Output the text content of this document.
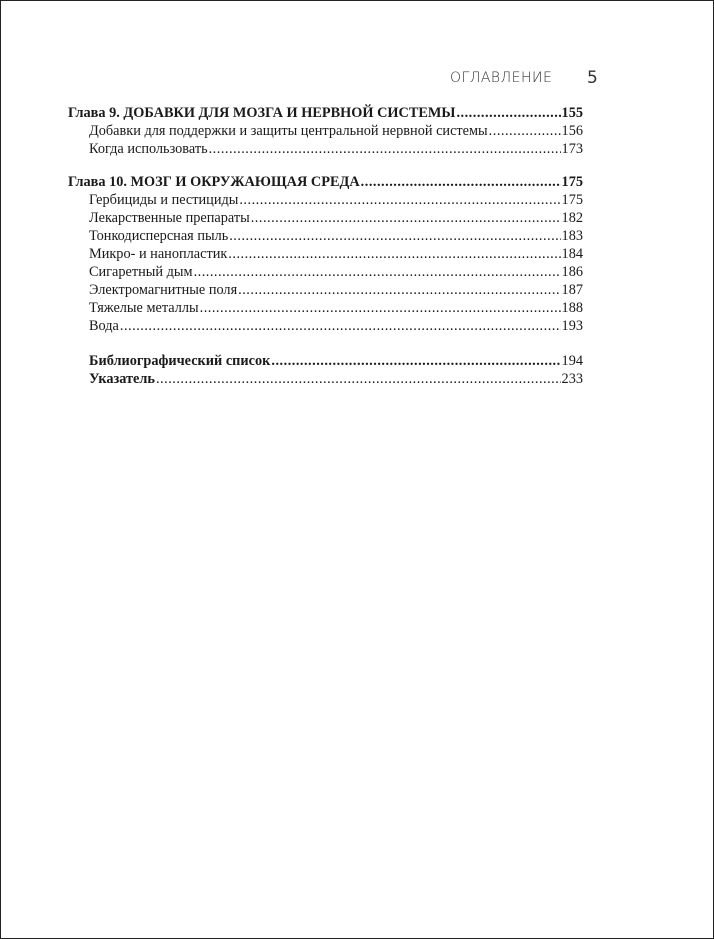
ОГЛАВЛЕНИЕ 5
Глава 9. ДОБАВКИ ДЛЯ МОЗГА И НЕРВНОЙ СИСТЕМЫ .....	155
Добавки для поддержки и защиты центральной нервной системы .....	156
Когда использовать .....	173
Глава 10. МОЗГ И ОКРУЖАЮЩАЯ СРЕДА .....	175
Гербициды и пестициды .....	175
Лекарственные препараты .....	182
Тонкодисперсная пыль .....	183
Микро- и нанопластик .....	184
Сигаретный дым .....	186
Электромагнитные поля .....	187
Тяжелые металлы .....	188
Вода .....	193
Библиографический список .....	194
Указатель .....	233
